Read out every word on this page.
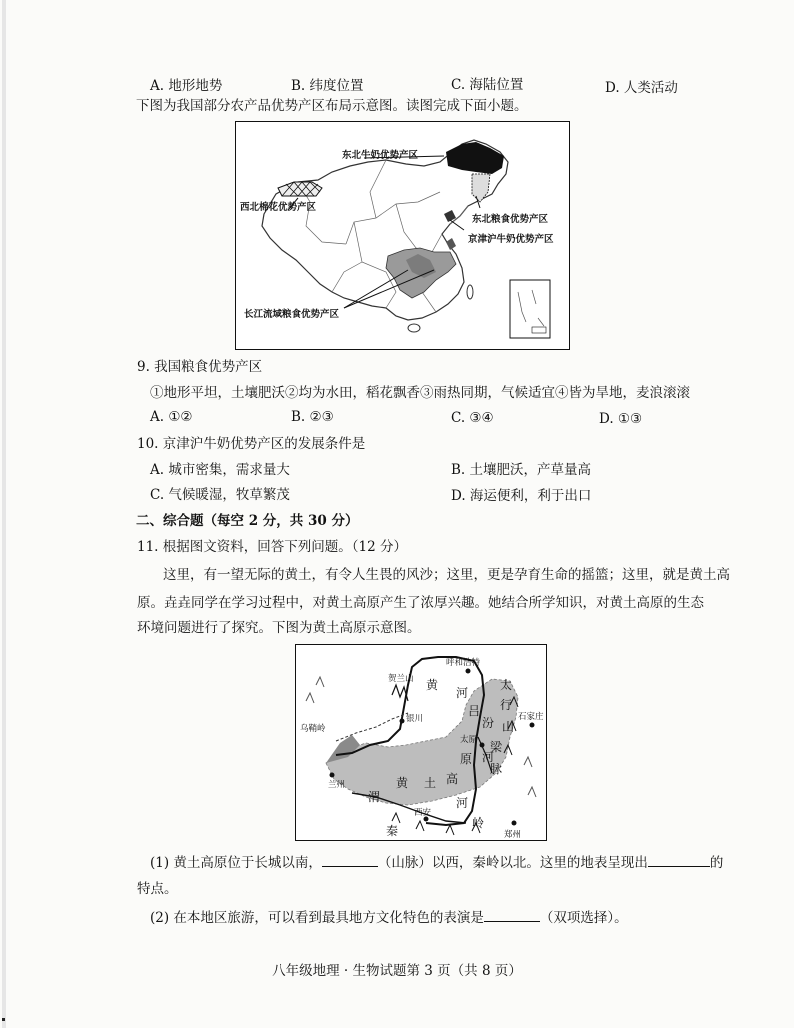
A. 地形地势	B. 纬度位置	C. 海陆位置	D. 人类活动
下图为我国部分农产品优势产区布局示意图。读图完成下面小题。
东北牛奶优势产区
西北棉花优势产区
东北粮食优势产区
京津沪牛奶优势产区
长江流域粮食优势产区
9. 我国粮食优势产区
①地形平坦，土壤肥沃②均为水田，稻花飘香③雨热同期，气候适宜④皆为旱地，麦浪滚滚
A. ①②	B. ②③	C. ③④	D. ①③
10. 京津沪牛奶优势产区的发展条件是
A. 城市密集，需求量大	B. 土壤肥沃，产草量高
C. 气候暖湿，牧草繁茂	D. 海运便利，利于出口
二、综合题（每空 2 分，共 30 分）
11. 根据图文资料，回答下列问题。（12 分）
这里，有一望无际的黄土，有令人生畏的风沙；这里，更是孕育生命的摇篮；这里，就是黄土高
原。垚垚同学在学习过程中，对黄土高原产生了浓厚兴趣。她结合所学知识，对黄土高原的生态
环境问题进行了探究。下图为黄土高原示意图。
呼和浩特
贺兰山
银川
乌鞘岭
兰州
西安
太原
石家庄
郑州
黄
河
太
行
山
脉
吕
梁
汾
河
原
渭
黄 土 高
河
秦
岭
(1) 黄土高原位于长城以南，	（山脉）以西，秦岭以北。这里的地表呈现出	的
特点。
(2) 在本地区旅游，可以看到最具地方文化特色的表演是	（双项选择）。
八年级地理 · 生物试题第 3 页（共 8 页）
